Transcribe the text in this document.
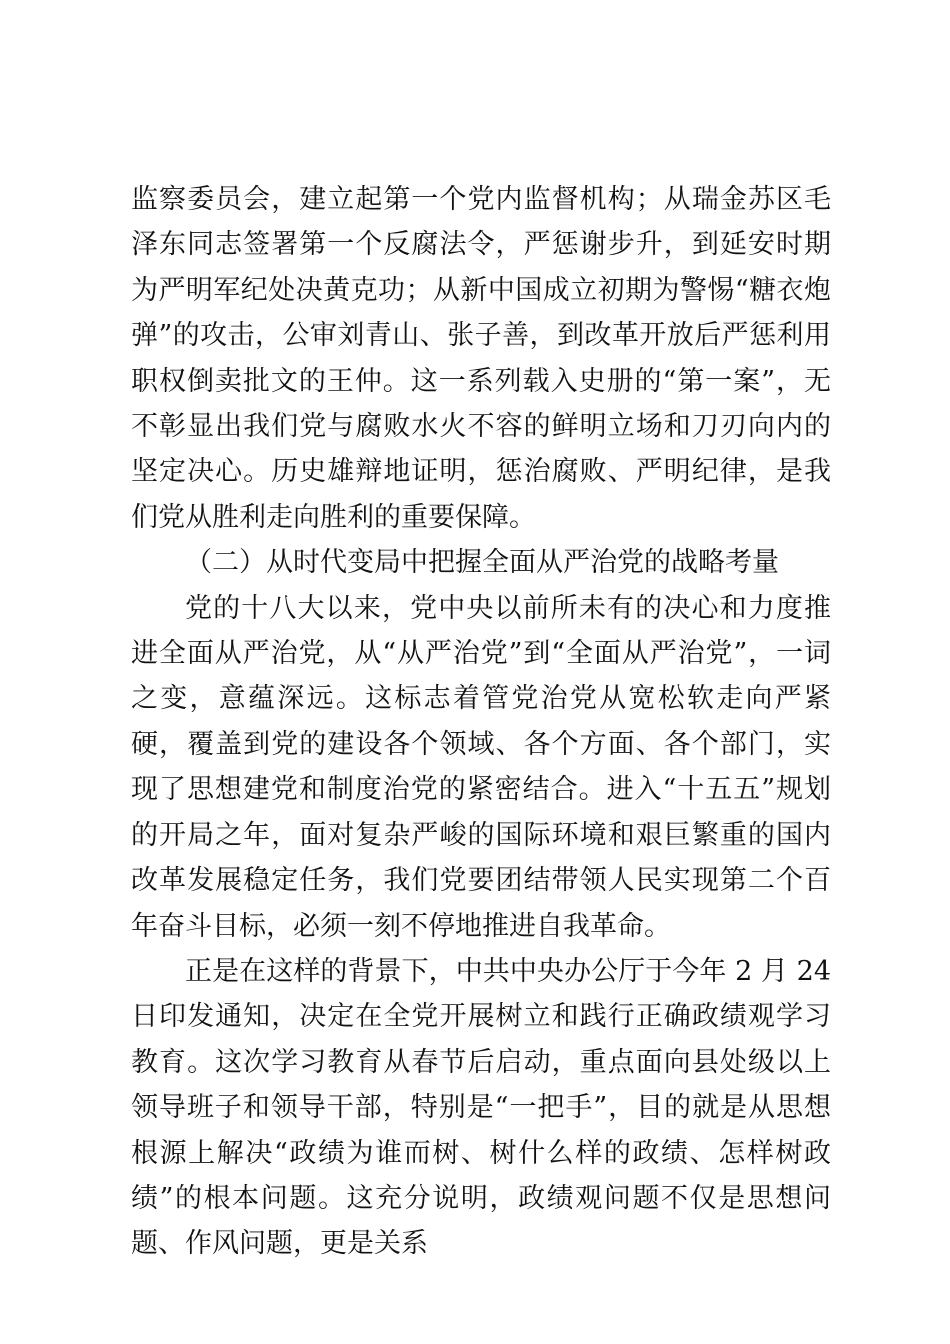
监察委员会，建立起第一个党内监督机构；从瑞金苏区毛泽东同志签署第一个反腐法令，严惩谢步升，到延安时期为严明军纪处决黄克功；从新中国成立初期为警惕“糖衣炮弹”的攻击，公审刘青山、张子善，到改革开放后严惩利用职权倒卖批文的王仲。这一系列载入史册的“第一案”，无不彰显出我们党与腐败水火不容的鲜明立场和刀刃向内的坚定决心。历史雄辩地证明，惩治腐败、严明纪律，是我们党从胜利走向胜利的重要保障。

（二）从时代变局中把握全面从严治党的战略考量

党的十八大以来，党中央以前所未有的决心和力度推进全面从严治党，从“从严治党”到“全面从严治党”，一词之变，意蕴深远。这标志着管党治党从宽松软走向严紧硬，覆盖到党的建设各个领域、各个方面、各个部门，实现了思想建党和制度治党的紧密结合。进入“十五五”规划的开局之年，面对复杂严峻的国际环境和艰巨繁重的国内改革发展稳定任务，我们党要团结带领人民实现第二个百年奋斗目标，必须一刻不停地推进自我革命。

正是在这样的背景下，中共中央办公厅于今年 2 月 24 日印发通知，决定在全党开展树立和践行正确政绩观学习教育。这次学习教育从春节后启动，重点面向县处级以上领导班子和领导干部，特别是“一把手”，目的就是从思想根源上解决“政绩为谁而树、树什么样的政绩、怎样树政绩”的根本问题。这充分说明，政绩观问题不仅是思想问题、作风问题，更是关系
